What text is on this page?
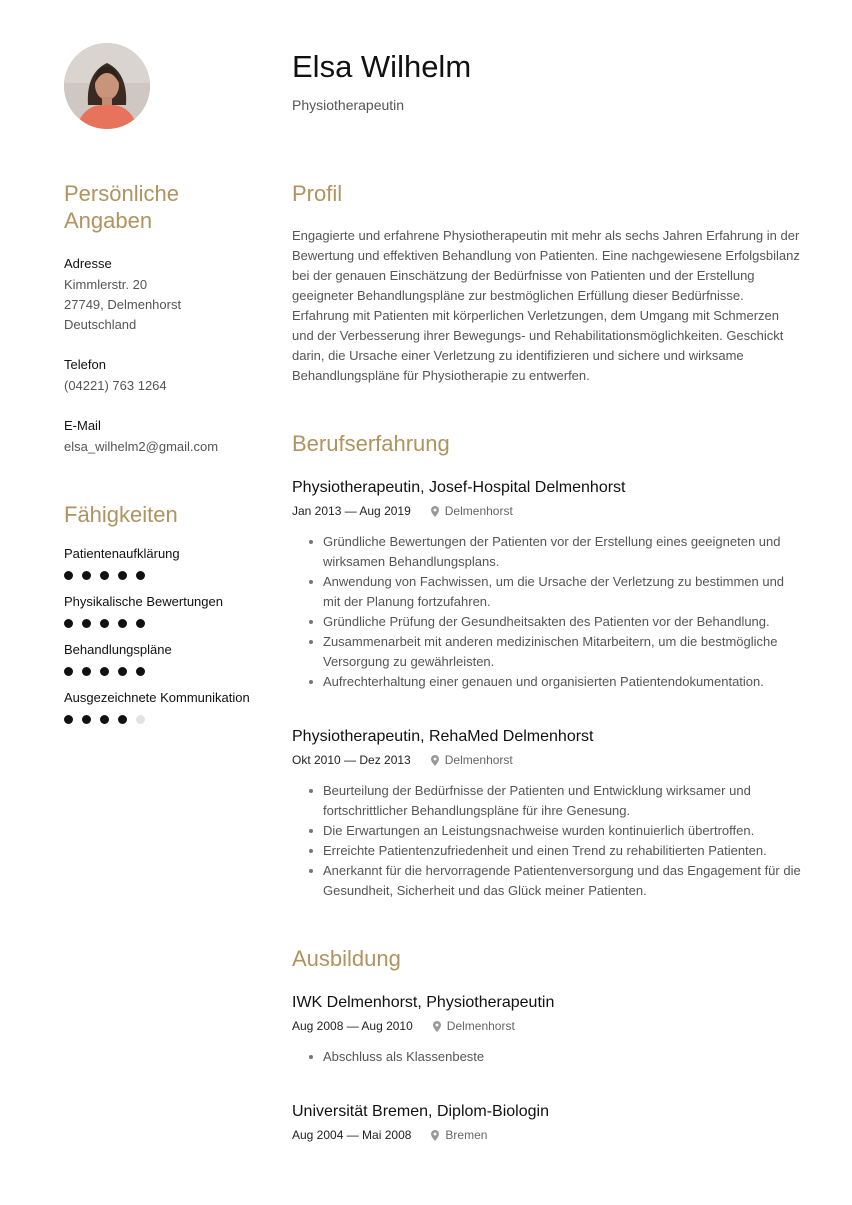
Elsa Wilhelm
Physiotherapeutin
Persönliche Angaben
Adresse
Kimmlerstr. 20
27749, Delmenhorst
Deutschland
Telefon
(04221) 763 1264
E-Mail
elsa_wilhelm2@gmail.com
Fähigkeiten
Patientenaufklärung
Physikalische Bewertungen
Behandlungspläne
Ausgezeichnete Kommunikation
Profil
Engagierte und erfahrene Physiotherapeutin mit mehr als sechs Jahren Erfahrung in der Bewertung und effektiven Behandlung von Patienten. Eine nachgewiesene Erfolgsbilanz bei der genauen Einschätzung der Bedürfnisse von Patienten und der Erstellung geeigneter Behandlungspläne zur bestmöglichen Erfüllung dieser Bedürfnisse. Erfahrung mit Patienten mit körperlichen Verletzungen, dem Umgang mit Schmerzen und der Verbesserung ihrer Bewegungs- und Rehabilitationsmöglichkeiten. Geschickt darin, die Ursache einer Verletzung zu identifizieren und sichere und wirksame Behandlungspläne für Physiotherapie zu entwerfen.
Berufserfahrung
Physiotherapeutin, Josef-Hospital Delmenhorst
Jan 2013 — Aug 2019	Delmenhorst
Gründliche Bewertungen der Patienten vor der Erstellung eines geeigneten und wirksamen Behandlungsplans.
Anwendung von Fachwissen, um die Ursache der Verletzung zu bestimmen und mit der Planung fortzufahren.
Gründliche Prüfung der Gesundheitsakten des Patienten vor der Behandlung.
Zusammenarbeit mit anderen medizinischen Mitarbeitern, um die bestmögliche Versorgung zu gewährleisten.
Aufrechterhaltung einer genauen und organisierten Patientendokumentation.
Physiotherapeutin, RehaMed Delmenhorst
Okt 2010 — Dez 2013	Delmenhorst
Beurteilung der Bedürfnisse der Patienten und Entwicklung wirksamer und fortschrittlicher Behandlungspläne für ihre Genesung.
Die Erwartungen an Leistungsnachweise wurden kontinuierlich übertroffen.
Erreichte Patientenzufriedenheit und einen Trend zu rehabilitierten Patienten.
Anerkannt für die hervorragende Patientenversorgung und das Engagement für die Gesundheit, Sicherheit und das Glück meiner Patienten.
Ausbildung
IWK Delmenhorst, Physiotherapeutin
Aug 2008 — Aug 2010	Delmenhorst
Abschluss als Klassenbeste
Universität Bremen, Diplom-Biologin
Aug 2004 — Mai 2008	Bremen
